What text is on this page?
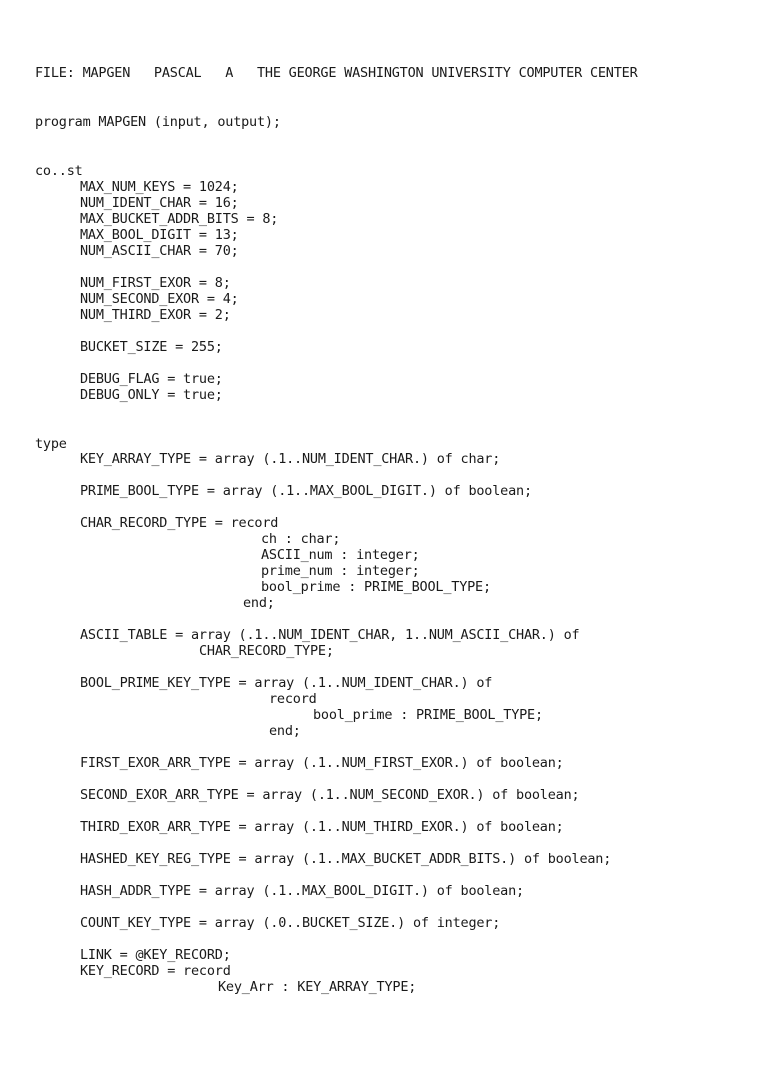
FILE: MAPGEN   PASCAL   A   THE GEORGE WASHINGTON UNIVERSITY COMPUTER CENTER

program MAPGEN (input, output);

co..st

MAX_NUM_KEYS = 1024;

NUM_IDENT_CHAR = 16;

MAX_BUCKET_ADDR_BITS = 8;

MAX_BOOL_DIGIT = 13;

NUM_ASCII_CHAR = 70;

NUM_FIRST_EXOR = 8;

NUM_SECOND_EXOR = 4;

NUM_THIRD_EXOR = 2;

BUCKET_SIZE = 255;

DEBUG_FLAG = true;

DEBUG_ONLY = true;

type

KEY_ARRAY_TYPE = array (.1..NUM_IDENT_CHAR.) of char;

PRIME_BOOL_TYPE = array (.1..MAX_BOOL_DIGIT.) of boolean;

CHAR_RECORD_TYPE = record

ch : char;

ASCII_num : integer;

prime_num : integer;

bool_prime : PRIME_BOOL_TYPE;

end;

ASCII_TABLE = array (.1..NUM_IDENT_CHAR, 1..NUM_ASCII_CHAR.) of

CHAR_RECORD_TYPE;

BOOL_PRIME_KEY_TYPE = array (.1..NUM_IDENT_CHAR.) of

record

bool_prime : PRIME_BOOL_TYPE;

end;

FIRST_EXOR_ARR_TYPE = array (.1..NUM_FIRST_EXOR.) of boolean;

SECOND_EXOR_ARR_TYPE = array (.1..NUM_SECOND_EXOR.) of boolean;

THIRD_EXOR_ARR_TYPE = array (.1..NUM_THIRD_EXOR.) of boolean;

HASHED_KEY_REG_TYPE = array (.1..MAX_BUCKET_ADDR_BITS.) of boolean;

HASH_ADDR_TYPE = array (.1..MAX_BOOL_DIGIT.) of boolean;

COUNT_KEY_TYPE = array (.0..BUCKET_SIZE.) of integer;

LINK = @KEY_RECORD;

KEY_RECORD = record

Key_Arr : KEY_ARRAY_TYPE;
